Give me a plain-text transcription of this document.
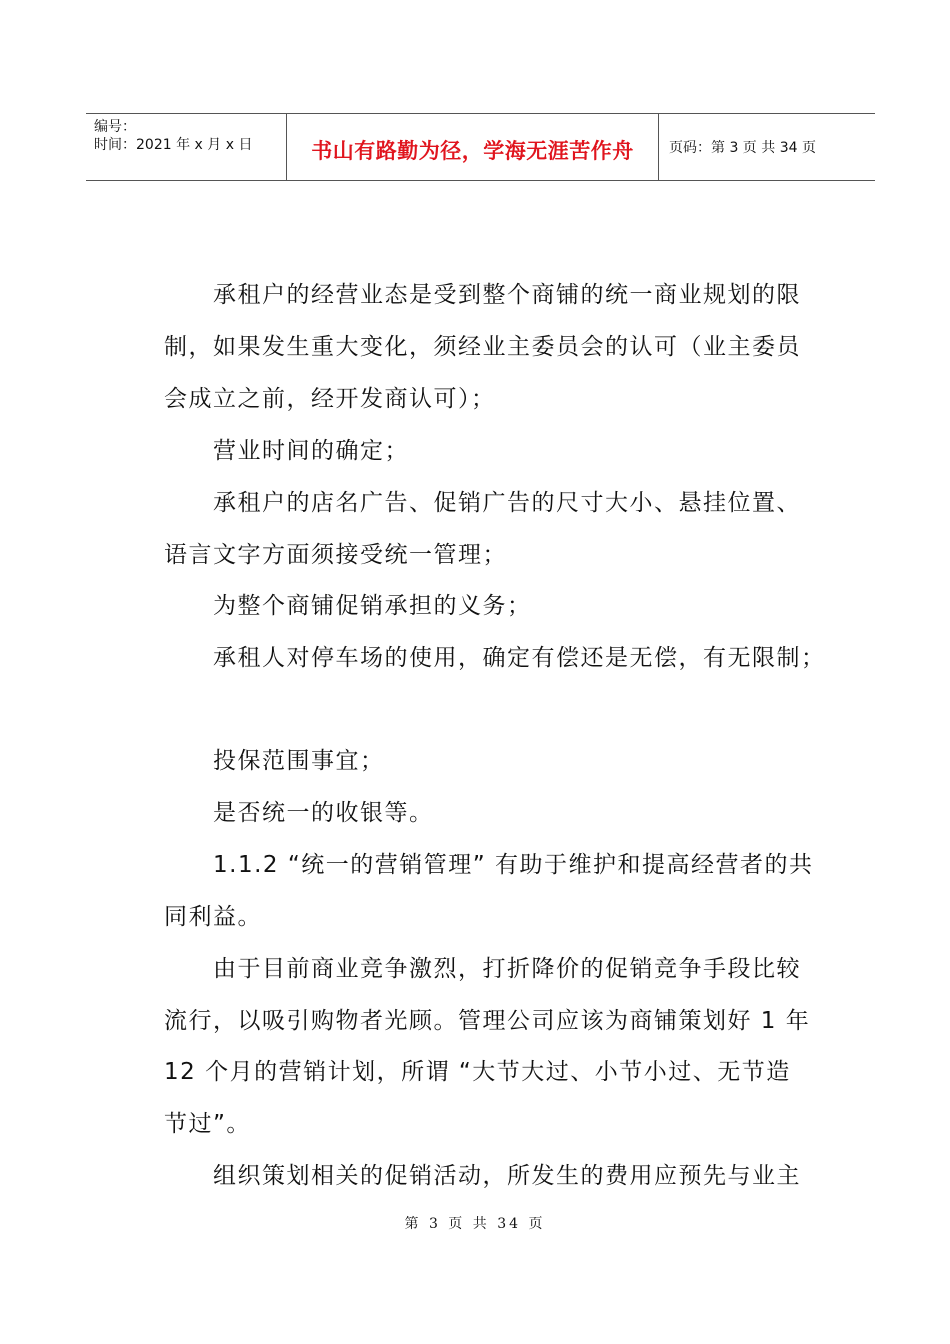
编号：
时间：2021 年 x 月 x 日	书山有路勤为径，学海无涯苦作舟	页码：第 3 页 共 34 页
　　承租户的经营业态是受到整个商铺的统一商业规划的限
制，如果发生重大变化，须经业主委员会的认可（业主委员
会成立之前，经开发商认可）；
　　营业时间的确定；
　　承租户的店名广告、促销广告的尺寸大小、悬挂位置、
语言文字方面须接受统一管理；
　　为整个商铺促销承担的义务；
　　承租人对停车场的使用，确定有偿还是无偿，有无限制；
　　投保范围事宜；
　　是否统一的收银等。
　　1.1.2 “统一的营销管理” 有助于维护和提高经营者的共
同利益。
　　由于目前商业竞争激烈，打折降价的促销竞争手段比较
流行，以吸引购物者光顾。管理公司应该为商铺策划好 1 年
12 个月的营销计划，所谓 “大节大过、小节小过、无节造
节过”。
　　组织策划相关的促销活动，所发生的费用应预先与业主
第 3 页 共 34 页
